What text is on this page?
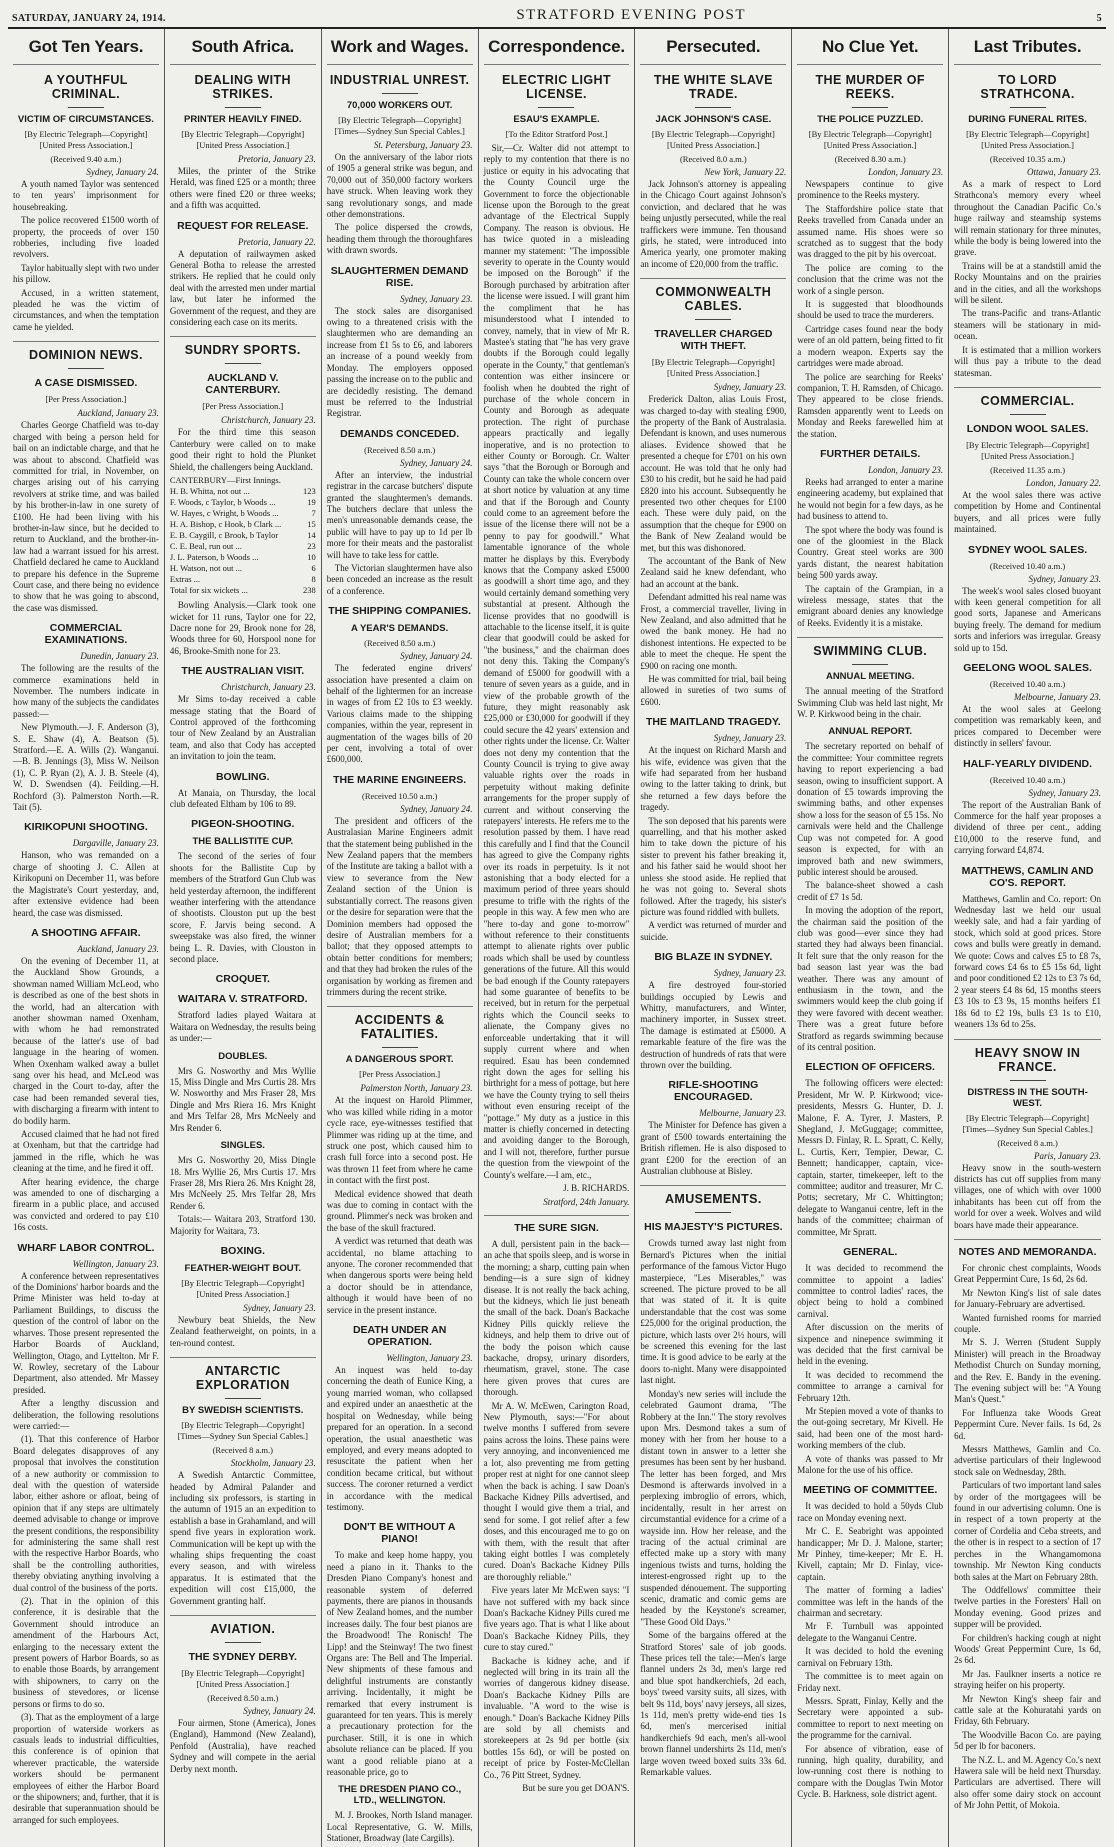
SATURDAY, JANUARY 24, 1914.	STRATFORD EVENING POST	5
Got Ten Years.
A YOUTHFUL CRIMINAL.
VICTIM OF CIRCUMSTANCES.
[By Electric Telegraph—Copyright] [United Press Association.]
(Received 9.40 a.m.)
Sydney, January 24.

A youth named Taylor was sentenced to ten years' imprisonment for housebreaking.

The police recovered £1500 worth of property, the proceeds of over 150 robberies, including five loaded revolvers.

Taylor habitually slept with two under his pillow.

Accused, in a written statement, pleaded he was the victim of circumstances, and when the temptation came he yielded.

DOMINION NEWS.
A CASE DISMISSED.
[Per Press Association.]
Auckland, January 23.

Charles George Chatfield was to-day charged with being a person held for bail on an indictable charge, and that he was about to abscond. Chatfield was committed for trial, in November, on charges arising out of his carrying revolvers at strike time, and was bailed by his brother-in-law in one surety of £100. He had been living with his brother-in-law since, but he decided to return to Auckland, and the brother-in-law had a warrant issued for his arrest. Chatfield declared he came to Auckland to prepare his defence in the Supreme Court case, and there being no evidence to show that he was going to abscond, the case was dismissed.

COMMERCIAL EXAMINATIONS.
Dunedin, January 23.

The following are the results of the commerce examinations held in November. The numbers indicate in how many of the subjects the candidates passed:—

New Plymouth.—J. F. Anderson (3), S. E. Shaw (4), A. Beatson (5). Stratford.—E. A. Wills (2). Wanganui.—B. B. Jennings (3), Miss W. Neilson (1), C. P. Ryan (2), A. J. B. Steele (4), W. D. Swendsen (4). Feilding.—H. Rochford (3). Palmerston North.—R. Tait (5).

KIRIKOPUNI SHOOTING.
Dargaville, January 23.

Hanson, who was remanded on a charge of shooting J. C. Allen at Kirikopuni on December 11, was before the Magistrate's Court yesterday, and, after extensive evidence had been heard, the case was dismissed.

A SHOOTING AFFAIR.
Auckland, January 23.

On the evening of December 11, at the Auckland Show Grounds, a showman named William McLeod, who is described as one of the best shots in the world, had an altercation with another showman named Oxenham, with whom he had remonstrated because of the latter's use of bad language in the hearing of women. When Oxenham walked away a bullet sang over his head, and McLeod was charged in the Court to-day, after the case had been remanded several ties, with discharging a firearm with intent to do bodily harm.

Accused claimed that he had not fired at Oxenham, but that the cartridge had jammed in the rifle, which he was cleaning at the time, and he fired it off.

After hearing evidence, the charge was amended to one of discharging a firearm in a public place, and accused was convicted and ordered to pay £10 16s costs.

WHARF LABOR CONTROL.
Wellington, January 23.

A conference between representatives of the Dominions' harbor boards and the Prime Minister was held to-day at Parliament Buildings, to discuss the question of the control of labor on the wharves. Those present represented the Harbor Boards of Auckland, Wellington, Otago, and Lyttelton. Mr F. W. Rowley, secretary of the Labour Department, also attended. Mr Massey presided.

After a lengthy discussion and deliberation, the following resolutions were carried:—

(1). That this conference of Harbor Board delegates disapproves of any proposal that involves the constitution of a new authority or commission to deal with the question of waterside labor, either ashore or afloat, being of opinion that if any steps are ultimately deemed advisable to change or improve the present conditions, the responsibility for administering the same shall rest with the respective Harbor Boards, who shall be the controlling authorities, thereby obviating anything involving a dual control of the business of the ports.

(2). That in the opinion of this conference, it is desirable that the Government should introduce an amendment of the Harbours Act, enlarging to the necessary extent the present powers of Harbor Boards, so as to enable those Boards, by arrangement with shipowners, to carry on the business of stevedores, or license persons or firms to do so.

(3). That as the employment of a large proportion of waterside workers as casuals leads to industrial difficulties, this conference is of opinion that wherever practicable, the waterside workers should be permanent employees of either the Harbor Board or the shipowners; and, further, that it is desirable that superannuation should be arranged for such employees.

South Africa.
DEALING WITH STRIKES.
PRINTER HEAVILY FINED.
[By Electric Telegraph—Copyright] [United Press Association.]
Pretoria, January 23.

Miles, the printer of the Strike Herald, was fined £25 or a month; three others were fined £20 or three weeks; and a fifth was acquitted.

REQUEST FOR RELEASE.
Pretoria, January 22.

A deputation of railwaymen asked General Botha to release the arrested strikers. He replied that he could only deal with the arrested men under martial law, but later he informed the Government of the request, and they are considering each case on its merits.

SUNDRY SPORTS.
AUCKLAND V. CANTERBURY.
[Per Press Association.]
Christchurch, January 23.

For the third time this season Canterbury were called on to make good their right to hold the Plunket Shield, the challengers being Auckland.

CANTERBURY—First Innings.
H. B. Whitta, not out ...	123
F. Woods, c Taylor, b Woods ...	19
W. Hayes, c Wright, b Woods ...	7
H. A. Bishop, c Hook, b Clark ...	15
E. B. Caygill, c Brook, b Taylor	14
C. E. Beal, run out ...	23
J. L. Paterson, b Woods ...	10
H. Watson, not out ...	6
Extras ...	8
Total for six wickets ...	238

Bowling Analysis.—Clark took one wicket for 11 runs, Taylor one for 22, Dacre none for 29, Brook none for 28, Woods three for 60, Horspool none for 46, Brooke-Smith none for 23.

THE AUSTRALIAN VISIT.
Christchurch, January 23.

Mr Sims to-day received a cable message stating that the Board of Control approved of the forthcoming tour of New Zealand by an Australian team, and also that Cody has accepted an invitation to join the team.

BOWLING.

At Manaia, on Thursday, the local club defeated Eltham by 106 to 89.

PIGEON-SHOOTING.
THE BALLISTITE CUP.

The second of the series of four shoots for the Ballistite Cup by members of the Stratford Gun Club was held yesterday afternoon, the indifferent weather interfering with the attendance of shootists. Clouston put up the best score, F. Jarvis being second. A sweepstake was also fired, the winner being L. R. Davies, with Clouston in second place.

CROQUET.
WAITARA V. STRATFORD.

Stratford ladies played Waitara at Waitara on Wednesday, the results being as under:—

DOUBLES.

Mrs G. Nosworthy and Mrs Wyllie 15, Miss Dingle and Mrs Curtis 28. Mrs W. Nosworthy and Mrs Fraser 28, Mrs Dingle and Mrs Riera 16. Mrs Knight and Mrs Telfar 28, Mrs McNeely and Mrs Render 6.

SINGLES.

Mrs G. Nosworthy 20, Miss Dingle 18. Mrs Wyllie 26, Mrs Curtis 17. Mrs Fraser 28, Mrs Riera 26. Mrs Knight 28, Mrs McNeely 25. Mrs Telfar 28, Mrs Render 6.

Totals:— Waitara 203, Stratford 130. Majority for Waitara, 73.

BOXING.
FEATHER-WEIGHT BOUT.
[By Electric Telegraph—Copyright] [United Press Association.]
Sydney, January 23.

Newbury beat Shields, the New Zealand featherweight, on points, in a ten-round contest.

ANTARCTIC EXPLORATION
BY SWEDISH SCIENTISTS.
[By Electric Telegraph—Copyright] [Times—Sydney Sun Special Cables.]
(Received 8 a.m.)
Stockholm, January 23.

A Swedish Antarctic Committee, headed by Admiral Palander and including six professors, is starting in the autumn of 1915 an an expedition to establish a base in Grahamland, and will spend five years in exploration work. Communication will be kept up with the whaling ships frequenting the coast every season, and with wireless apparatus. It is estimated that the expedition will cost £15,000, the Government granting half.

AVIATION.
THE SYDNEY DERBY.
[By Electric Telegraph—Copyright] [United Press Association.]
(Received 8.50 a.m.)
Sydney, January 24.

Four airmen, Stone (America), Jones (England), Hammond (New Zealand), Penfold (Australia), have reached Sydney and will compete in the aerial Derby next month.

Work and Wages.
INDUSTRIAL UNREST.
70,000 WORKERS OUT.
[By Electric Telegraph—Copyright] [Times—Sydney Sun Special Cables.]
St. Petersburg, January 23.

On the anniversary of the labor riots of 1905 a general strike was begun, and 70,000 out of 350,000 factory workers have struck. When leaving work they sang revolutionary songs, and made other demonstrations.

The police dispersed the crowds, heading them through the thoroughfares with drawn swords.

SLAUGHTERMEN DEMAND RISE.
Sydney, January 23.

The stock sales are disorganised owing to a threatened crisis with the slaughtermen who are demanding an increase from £1 5s to £6, and laborers an increase of a pound weekly from Monday. The employers opposed passing the increase on to the public and are decidedly resisting. The demand must be referred to the Industrial Registrar.

DEMANDS CONCEDED.
(Received 8.50 a.m.)
Sydney, January 24.

After an interview, the industrial registrar in the carcase butchers' dispute granted the slaughtermen's demands. The butchers declare that unless the men's unreasonable demands cease, the public will have to pay up to 1d per lb more for their meats and the pastoralist will have to take less for cattle.

The Victorian slaughtermen have also been conceded an increase as the result of a conference.

THE SHIPPING COMPANIES.
A YEAR'S DEMANDS.
(Received 8.50 a.m.)
Sydney, January 24.

The federated engine drivers' association have presented a claim on behalf of the lightermen for an increase in wages of from £2 10s to £3 weekly. Various claims made to the shipping companies, within the year, represent in augmentation of the wages bills of 20 per cent, involving a total of over £600,000.

THE MARINE ENGINEERS.
(Received 10.50 a.m.)
Sydney, January 24.

The president and officers of the Australasian Marine Engineers admit that the statement being published in the New Zealand papers that the members of the Institute are taking a ballot with a view to severance from the New Zealand section of the Union is substantially correct. The reasons given or the desire for separation were that the Dominion members had opposed the desire of Australian members for a ballot; that they opposed attempts to obtain better conditions for members; and that they had broken the rules of the organisation by working as firemen and trimmers during the recent strike.

ACCIDENTS & FATALITIES.
A DANGEROUS SPORT.
[Per Press Association.]
Palmerston North, January 23.

At the inquest on Harold Plimmer, who was killed while riding in a motor cycle race, eye-witnesses testified that Plimmer was riding up at the time, and struck one post, which caused him to crash full force into a second post. He was thrown 11 feet from where he came in contact with the first post.

Medical evidence showed that death was due to coming in contact with the ground. Plimmer's neck was broken and the base of the skull fractured.

A verdict was returned that death was accidental, no blame attaching to anyone. The coroner recommended that when dangerous sports were being held a doctor should be in attendance, although it would have been of no service in the present instance.

DEATH UNDER AN OPERATION.
Wellington, January 23.

An inquest was held to-day concerning the death of Eunice King, a young married woman, who collapsed and expired under an anaesthetic at the hospital on Wednesday, while being prepared for an operation. In a second operation, the usual anaesthetic was employed, and every means adopted to resuscitate the patient when her condition became critical, but without success. The coroner returned a verdict in accordance with the medical testimony.

DON'T BE WITHOUT A PIANO!

To make and keep home happy, you need a piano in it. Thanks to the Dresden Piano Company's honest and reasonable system of deferred payments, there are pianos in thousands of New Zealand homes, and the number increases daily. The four best pianos are the Broadwood! The Ronisch! The Lipp! and the Steinway! The two finest Organs are: The Bell and The Imperial. New shipments of these famous and delightful instruments are constantly arriving. Incidentally, it might be remarked that every instrument is guaranteed for ten years. This is merely a precautionary protection for the purchaser. Still, it is one in which absolute reliance can be placed. If you want a good reliable piano at a reasonable price, go to

THE DRESDEN PIANO CO., LTD., WELLINGTON.

M. J. Brookes, North Island manager. Local Representative, G. W. Mills, Stationer, Broadway (late Cargills).

Correspondence.
ELECTRIC LIGHT LICENSE.
ESAU'S EXAMPLE.
[To the Editor Stratford Post.]

Sir,—Cr. Walter did not attempt to reply to my contention that there is no justice or equity in his advocating that the County Council urge the Government to force the objectionable license upon the Borough to the great advantage of the Electrical Supply Company. The reason is obvious. He has twice quoted in a misleading manner my statement: "The impossible severity to operate in the County would be imposed on the Borough" if the Borough purchased by arbitration after the license were issued. I will grant him the compliment that he has misunderstood what I intended to convey, namely, that in view of Mr R. Mastee's stating that "he has very grave doubts if the Borough could legally operate in the County," that gentleman's contention was either insincere or foolish when he doubted the right of purchase of the whole concern in County and Borough as adequate protection. The right of purchase appears practically and legally inoperative, and is no protection to either County or Borough. Cr. Walter says "that the Borough or Borough and County can take the whole concern over at short notice by valuation at any time and that if the Borough and County could come to an agreement before the issue of the license there will not be a penny to pay for goodwill." What lamentable ignorance of the whole matter he displays by this. Everybody knows that the Company asked £5000 as goodwill a short time ago, and they would certainly demand something very substantial at present. Although the license provides that no goodwill is attachable to the license itself, it is quite clear that goodwill could be asked for "the business," and the chairman does not deny this. Taking the Company's demand of £5000 for goodwill with a tenure of seven years as a guide, and in view of the probable growth of the future, they might reasonably ask £25,000 or £30,000 for goodwill if they could secure the 42 years' extension and other rights under the license. Cr. Walter does not deny my contention that the County Council is trying to give away valuable rights over the roads in perpetuity without making definite arrangements for the proper supply of current and without conserving the ratepayers' interests. He refers me to the resolution passed by them. I have read this carefully and I find that the Council has agreed to give the Company rights over its roads in perpetuity. Is it not astonishing that a body elected for a maximum period of three years should presume to trifle with the rights of the people in this way. A few men who are "here to-day and gone to-morrow" without reference to their constituents attempt to alienate rights over public roads which shall be used by countless generations of the future. All this would be bad enough if the County ratepayers had some guarantee of benefits to be received, but in return for the perpetual rights which the Council seeks to alienate, the Company gives no enforceable undertaking that it will supply current where and when required. Esau has been condemned right down the ages for selling his birthright for a mess of pottage, but here we have the County trying to sell theirs without even ensuring receipt of the "pottage." My duty as a justice in this matter is chiefly concerned in detecting and avoiding danger to the Borough, and I will not, therefore, further pursue the question from the viewpoint of the County's welfare.—I am, etc.,

J. B. RICHARDS.
Stratford, 24th January.
THE SURE SIGN.

A dull, persistent pain in the back—an ache that spoils sleep, and is worse in the morning; a sharp, cutting pain when bending—is a sure sign of kidney disease. It is not really the back aching, but the kidneys, which lie just beneath the small of the back. Doan's Backache Kidney Pills quickly relieve the kidneys, and help them to drive out of the body the poison which cause backache, dropsy, urinary disorders, rheumatism, gravel, stone. The case here given proves that cures are thorough.

Mr A. W. McEwen, Carington Road, New Plymouth, says:—"For about twelve months I suffered from severe pains across the loins. These pains were very annoying, and inconvenienced me a lot, also preventing me from getting proper rest at night for one cannot sleep when the back is aching. I saw Doan's Backache Kidney Pills advertised, and thought I would give them a trial, and send for some. I got relief after a few doses, and this encouraged me to go on with them, with the result that after taking eight bottles I was completely cured. Doan's Backache Kidney Pills are thoroughly reliable."

Five years later Mr McEwen says: "I have not suffered with my back since Doan's Backache Kidney Pills cured me five years ago. That is what I like about Doan's Backache Kidney Pills, they cure to stay cured."

Backache is kidney ache, and if neglected will bring in its train all the worries of dangerous kidney disease. Doan's Backache Kidney Pills are invaluable. "A word to the wise is enough." Doan's Backache Kidney Pills are sold by all chemists and storekeepers at 2s 9d per bottle (six bottles 15s 6d), or will be posted on receipt of price by Foster-McClellan Co., 76 Pitt Street, Sydney.

But be sure you get DOAN'S.
Persecuted.
THE WHITE SLAVE TRADE.
JACK JOHNSON'S CASE.
[By Electric Telegraph—Copyright] [United Press Association.]
(Received 8.0 a.m.)
New York, January 22.

Jack Johnson's attorney is appealing in the Chicago Court against Johnson's conviction, and declared that he was being unjustly persecuted, while the real traffickers were immune. Ten thousand girls, he stated, were introduced into America yearly, one promoter making an income of £20,000 from the traffic.

COMMONWEALTH CABLES.
TRAVELLER CHARGED WITH THEFT.
[By Electric Telegraph—Copyright] [United Press Association.]
Sydney, January 23.

Frederick Dalton, alias Louis Frost, was charged to-day with stealing £900, the property of the Bank of Australasia. Defendant is known, and uses numerous aliases. Evidence showed that he presented a cheque for £701 on his own account. He was told that he only had £30 to his credit, but he said he had paid £820 into his account. Subsequently he presented two other cheques for £100 each. These were duly paid, on the assumption that the cheque for £900 on the Bank of New Zealand would be met, but this was dishonored.

The accountant of the Bank of New Zealand said he knew defendant, who had an account at the bank.

Defendant admitted his real name was Frost, a commercial traveller, living in New Zealand, and also admitted that he owed the bank money. He had no dishonest intentions. He expected to be able to meet the cheque. He spent the £900 on racing one month.

He was committed for trial, bail being allowed in sureties of two sums of £600.

THE MAITLAND TRAGEDY.
Sydney, January 23.

At the inquest on Richard Marsh and his wife, evidence was given that the wife had separated from her husband owing to the latter taking to drink, but she returned a few days before the tragedy.

The son deposed that his parents were quarrelling, and that his mother asked him to take down the picture of his sister to prevent his father breaking it, and his father said he would shoot her unless she stood aside. He replied that he was not going to. Several shots followed. After the tragedy, his sister's picture was found riddled with bullets.

A verdict was returned of murder and suicide.

BIG BLAZE IN SYDNEY.
Sydney, January 23.

A fire destroyed four-storied buildings occupied by Lewis and Whitty, manufacturers, and Winter, machinery importer, in Sussex street. The damage is estimated at £5000. A remarkable feature of the fire was the destruction of hundreds of rats that were thrown over the building.

RIFLE-SHOOTING ENCOURAGED.
Melbourne, January 23.

The Minister for Defence has given a grant of £500 towards entertaining the British riflemen. He is also disposed to grant £200 for the erection of an Australian clubhouse at Bisley.

AMUSEMENTS.
HIS MAJESTY'S PICTURES.

Crowds turned away last night from Bernard's Pictures when the initial performance of the famous Victor Hugo masterpiece, "Les Miserables," was screened. The picture proved to be all that was stated of it. It is quite understandable that the cost was some £25,000 for the original production, the picture, which lasts over 2½ hours, will be screened this evening for the last time. It is good advice to be early at the doors to-night. Many were disappointed last night.

Monday's new series will include the celebrated Gaumont drama, "The Robbery at the Inn." The story revolves upon Mrs. Desmond takes a sum of money with her from her house to a distant town in answer to a letter she presumes has been sent by her husband. The letter has been forged, and Mrs Desmond is afterwards involved in a perplexing imbroglio of errors, which, incidentally, result in her arrest on circumstantial evidence for a crime of a wayside inn. How her release, and the tracing of the actual criminal are effected make up a story with many ingenious twists and turns, holding the interest-engrossed right up to the suspended dénouement. The supporting scenic, dramatic and comic gems are headed by the Keystone's screamer, "These Good Old Days."

Some of the bargains offered at the Stratford Stores' sale of job goods. These prices tell the tale:—Men's large flannel unders 2s 3d, men's large red and blue spot handkerchiefs, 2d each, boys' tweed varsity suits, all sizes, with belt 9s 11d, boys' navy jerseys, all sizes, 1s 11d, men's pretty wide-end ties 1s 6d, men's mercerised initial handkerchiefs 9d each, men's all-wool brown flannel undershirts 2s 11d, men's large woven tweed boxed suits 33s 6d. Remarkable values.

No Clue Yet.
THE MURDER OF REEKS.
THE POLICE PUZZLED.
[By Electric Telegraph—Copyright] [United Press Association.]
(Received 8.30 a.m.)
London, January 23.

Newspapers continue to give prominence to the Reeks mystery.

The Staffordshire police state that Reeks travelled from Canada under an assumed name. His shoes were so scratched as to suggest that the body was dragged to the pit by his overcoat.

The police are coming to the conclusion that the crime was not the work of a single person.

It is suggested that bloodhounds should be used to trace the murderers.

Cartridge cases found near the body were of an old pattern, being fitted to fit a modern weapon. Experts say the cartridges were made abroad.

The police are searching for Reeks' companion, T. H. Ramsden, of Chicago. They appeared to be close friends. Ramsden apparently went to Leeds on Monday and Reeks farewelled him at the station.

FURTHER DETAILS.
London, January 23.

Reeks had arranged to enter a marine engineering academy, but explained that he would not begin for a few days, as he had business to attend to.

The spot where the body was found is one of the gloomiest in the Black Country. Great steel works are 300 yards distant, the nearest habitation being 500 yards away.

The captain of the Grampian, in a wireless message, states that the emigrant aboard denies any knowledge of Reeks. Evidently it is a mistake.

SWIMMING CLUB.
ANNUAL MEETING.

The annual meeting of the Stratford Swimming Club was held last night, Mr W. P. Kirkwood being in the chair.

ANNUAL REPORT.

The secretary reported on behalf of the committee: Your committee regrets having to report experiencing a bad season, owing to insufficient support. A donation of £5 towards improving the swimming baths, and other expenses show a loss for the season of £5 15s. No carnivals were held and the Challenge Cup was not competed for. A good season is expected, for with an improved bath and new swimmers, public interest should be aroused.

The balance-sheet showed a cash credit of £7 1s 5d.

In moving the adoption of the report, the chairman said the position of the club was good—ever since they had started they had always been financial. It felt sure that the only reason for the bad season last year was the bad weather. There was any amount of enthusiasm in the town, and the swimmers would keep the club going if they were favored with decent weather. There was a great future before Stratford as regards swimming because of its central position.

ELECTION OF OFFICERS.

The following officers were elected: President, Mr W. P. Kirkwood; vice-presidents, Messrs G. Hunter, D. J. Malone, F. A. Tyrer, J. Masters, P. Shegland, J. McGuggage; committee, Messrs D. Finlay, R. L. Spratt, C. Kelly, L. Curtis, Kerr, Tempier, Dewar, C. Bennett; handicapper, captain, vice-captain, starter, timekeeper, left to the committee; auditor and treasurer, Mr C. Potts; secretary, Mr C. Whittington; delegate to Wanganui centre, left in the hands of the committee; chairman of committee, Mr Spratt.

GENERAL.

It was decided to recommend the committee to appoint a ladies' committee to control ladies' races, the object being to hold a combined carnival.

After discussion on the merits of sixpence and ninepence swimming it was decided that the first carnival be held in the evening.

It was decided to recommend the committee to arrange a carnival for February 12th.

Mr Stepien moved a vote of thanks to the out-going secretary, Mr Kivell. He said, had been one of the most hard-working members of the club.

A vote of thanks was passed to Mr Malone for the use of his office.

MEETING OF COMMITTEE.

It was decided to hold a 50yds Club race on Monday evening next.

Mr C. E. Seabright was appointed handicapper; Mr D. J. Malone, starter; Mr Pinhey, time-keeper; Mr E. H. Kivell, captain; Mr D. Finlay, vice-captain.

The matter of forming a ladies' committee was left in the hands of the chairman and secretary.

Mr F. Turnbull was appointed delegate to the Wanganui Centre.

It was decided to hold the evening carnival on February 13th.

The committee is to meet again on Friday next.

Messrs. Spratt, Finlay, Kelly and the Secretary were appointed a sub-committee to report to next meeting on the programme for the carnival.

For absence of vibration, ease of running, high quality, durability, and low-running cost there is nothing to compare with the Douglas Twin Motor Cycle. B. Harkness, sole district agent.

Last Tributes.
TO LORD STRATHCONA.
DURING FUNERAL RITES.
[By Electric Telegraph—Copyright] [United Press Association.]
(Received 10.35 a.m.)
Ottawa, January 23.

As a mark of respect to Lord Strathcona's memory every wheel throughout the Canadian Pacific Co.'s huge railway and steamship systems will remain stationary for three minutes, while the body is being lowered into the grave.

Trains will be at a standstill amid the Rocky Mountains and on the prairies and in the cities, and all the workshops will be silent.

The trans-Pacific and trans-Atlantic steamers will be stationary in mid-ocean.

It is estimated that a million workers will thus pay a tribute to the dead statesman.

COMMERCIAL.
LONDON WOOL SALES.
[By Electric Telegraph—Copyright] [United Press Association.]
(Received 11.35 a.m.)
London, January 22.

At the wool sales there was active competition by Home and Continental buyers, and all prices were fully maintained.

SYDNEY WOOL SALES.
(Received 10.40 a.m.)
Sydney, January 23.

The week's wool sales closed buoyant with keen general competition for all good sorts, Japanese and Americans buying freely. The demand for medium sorts and inferiors was irregular. Greasy sold up to 15d.

GEELONG WOOL SALES.
(Received 10.40 a.m.)
Melbourne, January 23.

At the wool sales at Geelong competition was remarkably keen, and prices compared to December were distinctly in sellers' favour.

HALF-YEARLY DIVIDEND.
(Received 10.40 a.m.)
Sydney, January 23.

The report of the Australian Bank of Commerce for the half year proposes a dividend of three per cent., adding £10,000 to the reserve fund, and carrying forward £4,874.

MATTHEWS, CAMLIN AND CO'S. REPORT.

Matthews, Gamlin and Co. report: On Wednesday last we held our usual weekly sale, and had a fair yarding of stock, which sold at good prices. Store cows and bulls were greatly in demand. We quote: Cows and calves £5 to £8 7s, forward cows £4 6s to £5 15s 6d, light and poor conditioned £2 12s to £3 7s 6d, 2 year steers £4 8s 6d, 15 months steers £3 10s to £3 9s, 15 months heifers £1 18s 6d to £2 19s, bulls £3 1s to £10, weaners 13s 6d to 25s.

HEAVY SNOW IN FRANCE.
DISTRESS IN THE SOUTH-WEST.
[By Electric Telegraph—Copyright] [Times—Sydney Sun Special Cables.]
(Received 8 a.m.)
Paris, January 23.

Heavy snow in the south-western districts has cut off supplies from many villages, one of which with over 1000 inhabitants has been cut off from the world for over a week. Wolves and wild boars have made their appearance.

NOTES AND MEMORANDA.

For chronic chest complaints, Woods Great Peppermint Cure, 1s 6d, 2s 6d.

Mr Newton King's list of sale dates for January-February are advertised.

Wanted furnished rooms for married couple.

Mr S. J. Werren (Student Supply Minister) will preach in the Broadway Methodist Church on Sunday morning, and the Rev. E. Bandy in the evening. The evening subject will be: "A Young Man's Quest."

For Influenza take Woods Great Peppermint Cure. Never fails. 1s 6d, 2s 6d.

Messrs Matthews, Gamlin and Co. advertise particulars of their Inglewood stock sale on Wednesday, 28th.

Particulars of two important land sales by order of the mortgagees will be found in our advertising column. One is in respect of a town property at the corner of Cordelia and Ceba streets, and the other is in respect to a section of 17 perches in the Whangamomona township. Mr Newton King conducts both sales at the Mart on February 28th.

The Oddfellows' committee their twelve parties in the Foresters' Hall on Monday evening. Good prizes and supper will be provided.

For children's hacking cough at night Woods' Great Peppermint Cure, 1s 6d, 2s 6d.

Mr Jas. Faulkner inserts a notice re straying heifer on his property.

Mr Newton King's sheep fair and cattle sale at the Kohuratahi yards on Friday, 6th February.

The Woodville Bacon Co. are paying 5d per lb for baconers.

The N.Z. L. and M. Agency Co.'s next Hawera sale will be held next Thursday. Particulars are advertised. There will also offer some dairy stock on account of Mr John Pettit, of Mokoia.
